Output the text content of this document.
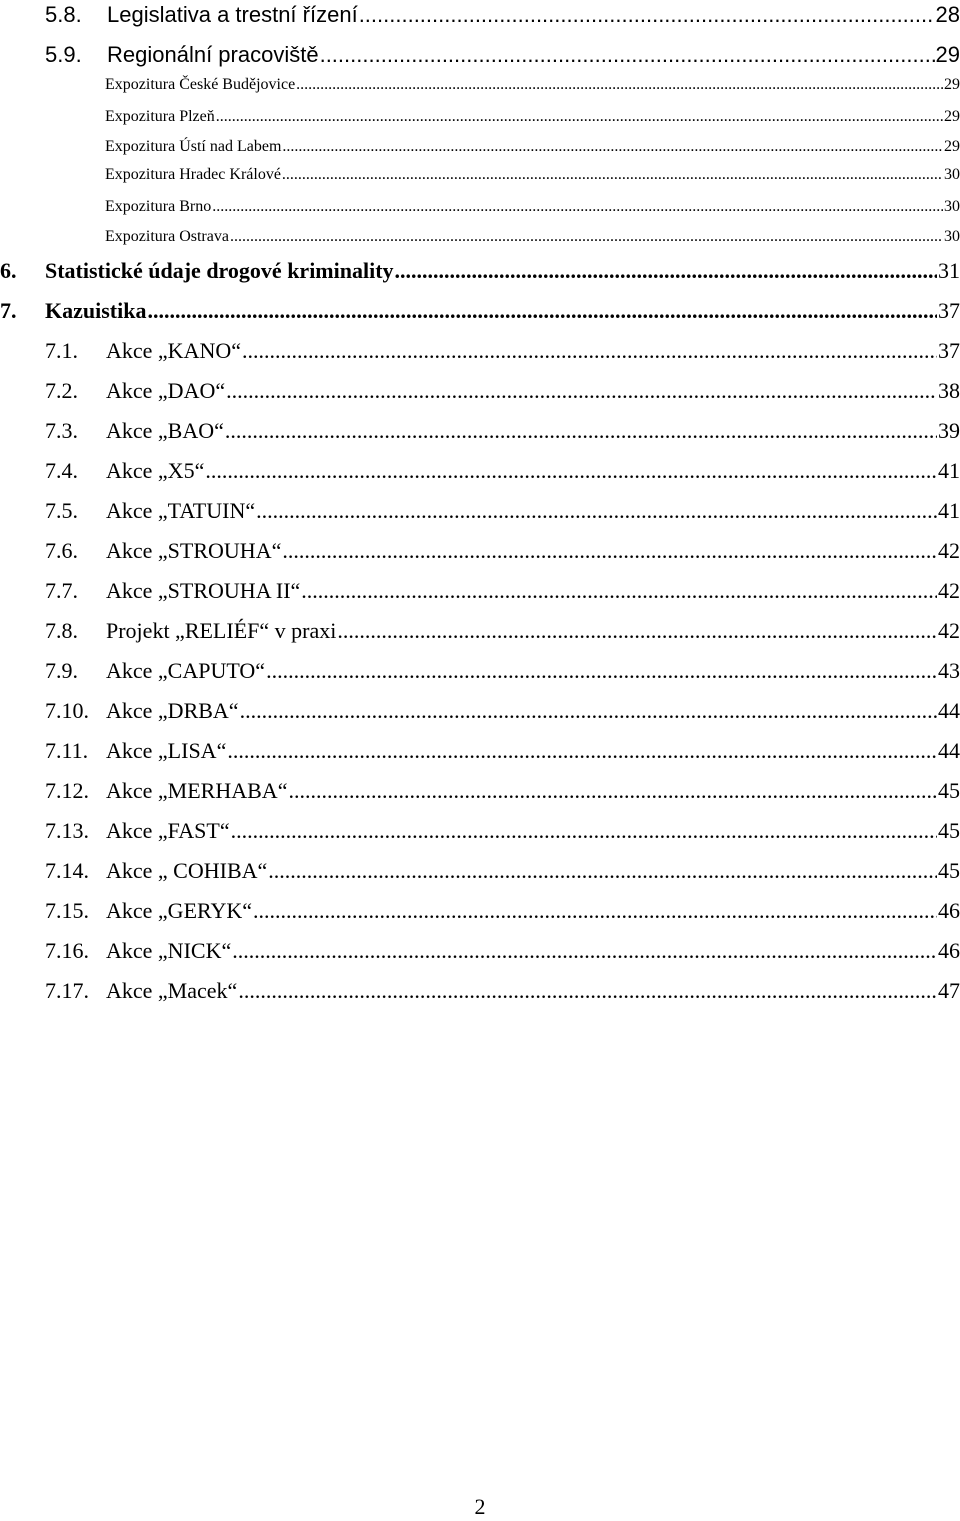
5.8.	Legislativa a trestní řízení .....	28
5.9.	Regionální pracoviště .....	29
Expozitura České Budějovice .....	29
Expozitura Plzeň .....	29
Expozitura Ústí nad Labem .....	29
Expozitura Hradec Králové .....	30
Expozitura Brno .....	30
Expozitura Ostrava .....	30
6.	Statistické údaje drogové kriminality .....	31
7.	Kazuistika .....	37
7.1.	Akce „KANO“ .....	37
7.2.	Akce „DAO“ .....	38
7.3.	Akce „BAO“ .....	39
7.4.	Akce „X5“ .....	41
7.5.	Akce „TATUIN“ .....	41
7.6.	Akce „STROUHA“ .....	42
7.7.	Akce „STROUHA II“ .....	42
7.8.	Projekt „RELIÉF“ v praxi .....	42
7.9.	Akce „CAPUTO“ .....	43
7.10. Akce „DRBA“ .....	44
7.11. Akce „LISA“ .....	44
7.12. Akce „MERHABA“ .....	45
7.13. Akce „FAST“ .....	45
7.14. Akce „ COHIBA“ .....	45
7.15. Akce „GERYK“ .....	46
7.16. Akce „NICK“ .....	46
7.17. Akce „Macek“ .....	47
2
